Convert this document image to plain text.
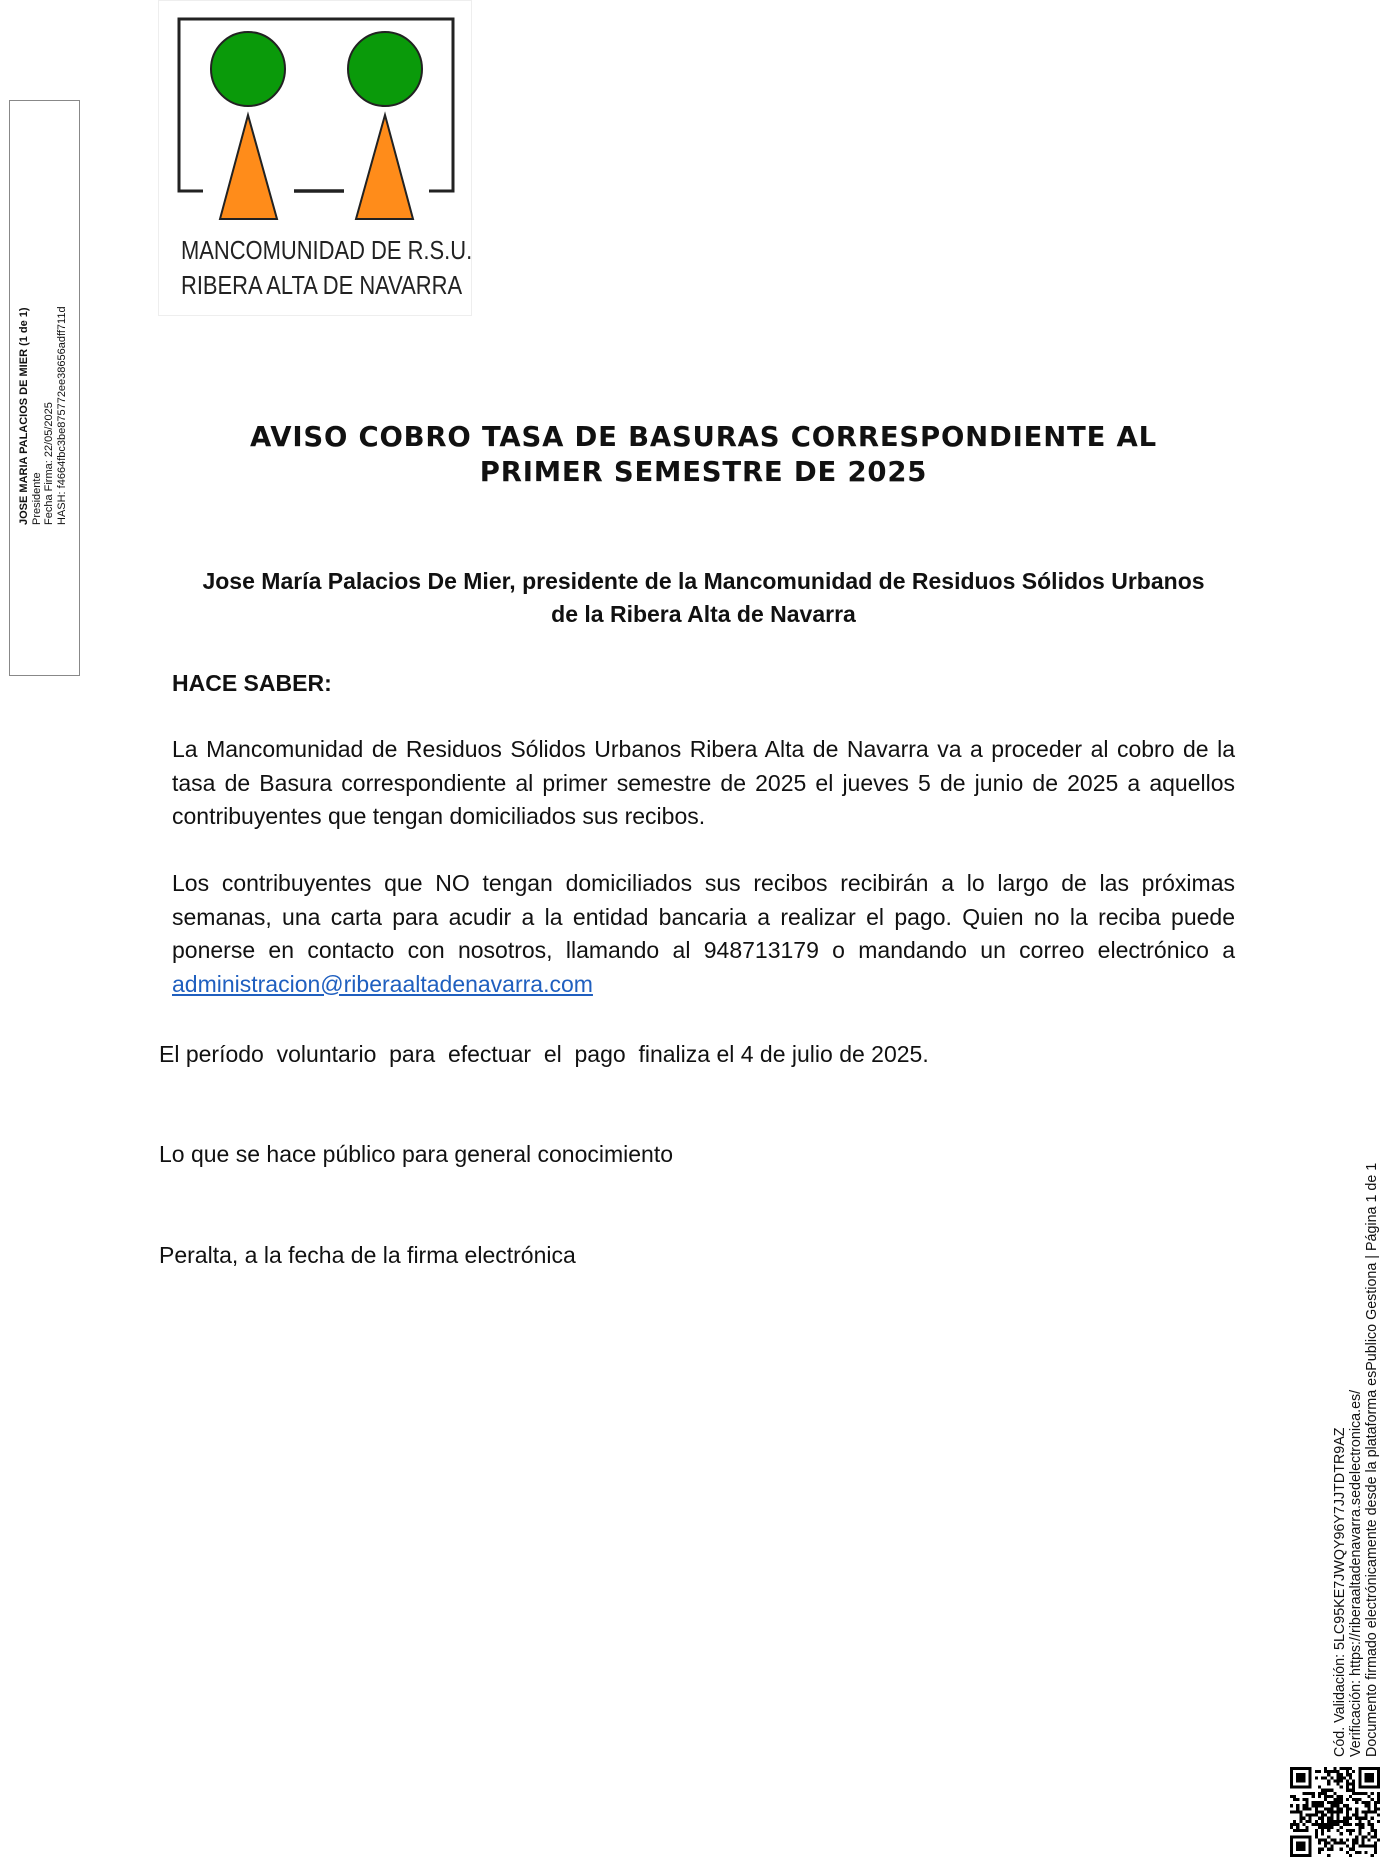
JOSE MARIA PALACIOS DE MIER (1 de 1) Presidente Fecha Firma: 22/05/2025 HASH: f4664fbc3be875772ee38656adff711d
MANCOMUNIDAD DE R.S.U.
RIBERA ALTA DE NAVARRA
AVISO COBRO TASA DE BASURAS CORRESPONDIENTE AL
PRIMER SEMESTRE DE 2025

Jose María Palacios De Mier, presidente de la Mancomunidad de Residuos Sólidos Urbanos
de la Ribera Alta de Navarra

HACE SABER:

La Mancomunidad de Residuos Sólidos Urbanos Ribera Alta de Navarra va a proceder al cobro de la tasa de Basura correspondiente al primer semestre de 2025 el jueves 5 de junio de 2025 a aquellos contribuyentes que tengan domiciliados sus recibos.

Los contribuyentes que NO tengan domiciliados sus recibos recibirán a lo largo de las próximas semanas, una carta para acudir a la entidad bancaria a realizar el pago. Quien no la reciba puede ponerse en contacto con nosotros, llamando al 948713179 o mandando un correo electrónico a administracion@riberaaltadenavarra.com

El período  voluntario  para  efectuar  el  pago  finaliza el 4 de julio de 2025.

Lo que se hace público para general conocimiento

Peralta, a la fecha de la firma electrónica

Cód. Validación: 5LC95KE7JWQY96Y7JJTDTR9AZ Verificación: https://riberaaltadenavarra.sedelectronica.es/ Documento firmado electrónicamente desde la plataforma esPublico Gestiona | Página 1 de 1
